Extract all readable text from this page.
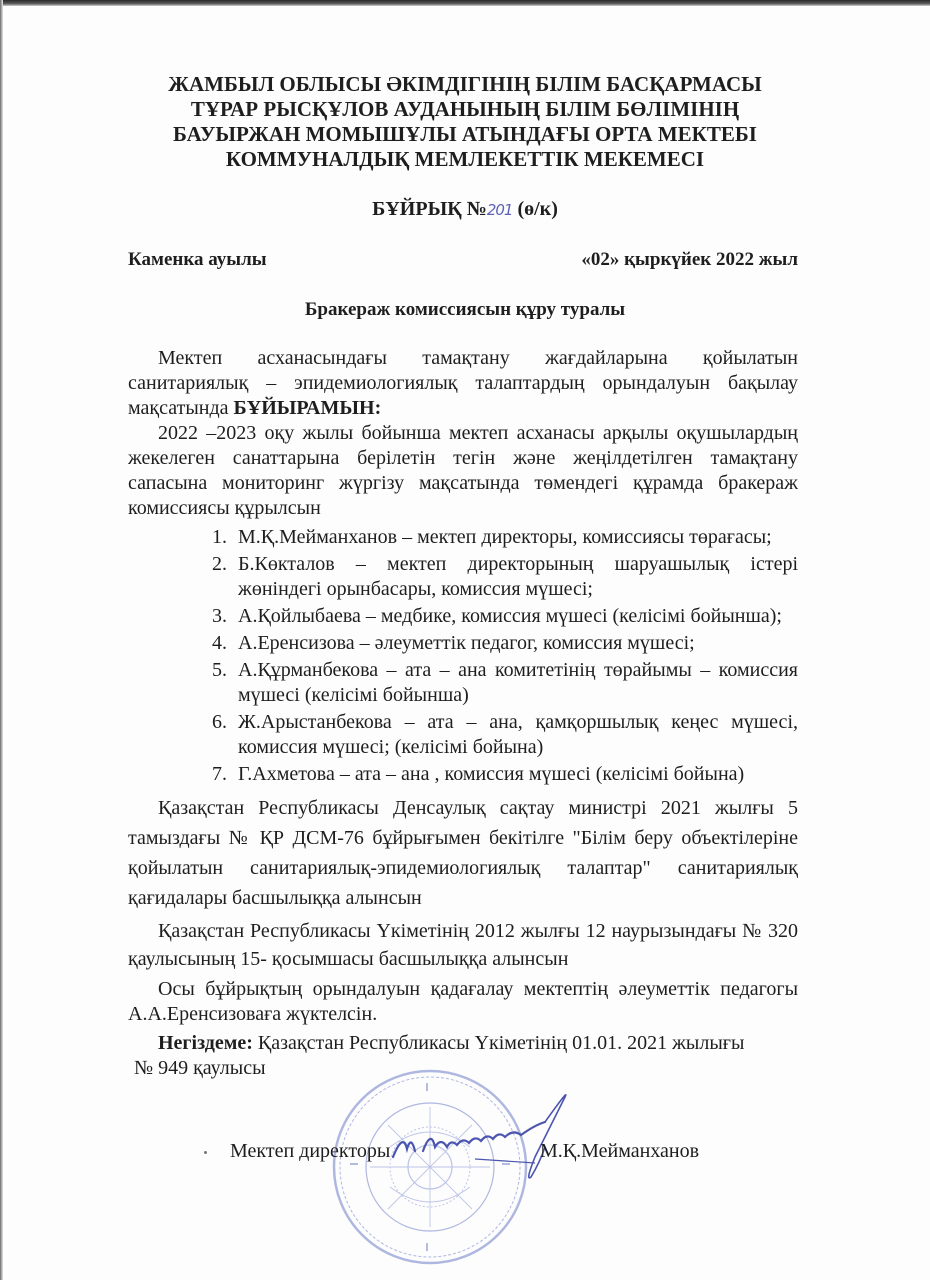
ЖАМБЫЛ ОБЛЫСЫ ӘКІМДІГІНІҢ БІЛІМ БАСҚАРМАСЫ
ТҰРАР РЫСҚҰЛОВ АУДАНЫНЫҢ БІЛІМ БӨЛІМІНІҢ
БАУЫРЖАН МОМЫШҰЛЫ АТЫНДАҒЫ ОРТА МЕКТЕБІ
КОММУНАЛДЫҚ МЕМЛЕКЕТТІК МЕКЕМЕСІ
БҰЙРЫҚ №201 (ө/к)
Каменка ауылы	«02» қыркүйек 2022 жыл
Бракераж комиссиясын құру туралы

Мектеп асханасындағы тамақтану жағдайларына қойылатын санитариялық – эпидемиологиялық талаптардың орындалуын бақылау мақсатында БҰЙЫРАМЫН:

2022 –2023 оқу жылы бойынша мектеп асханасы арқылы оқушылардың жекелеген санаттарына берілетін тегін және жеңілдетілген тамақтану сапасына мониторинг жүргізу мақсатында төмендегі құрамда бракераж комиссиясы құрылсын

1. М.Қ.Мейманханов – мектеп директоры, комиссиясы төрағасы;
2. Б.Көкталов – мектеп директорының шаруашылық істері жөніндегі орынбасары, комиссия мүшесі;
3. А.Қойлыбаева – медбике, комиссия мүшесі (келісімі бойынша);
4. А.Еренсизова – әлеуметтік педагог, комиссия мүшесі;
5. А.Құрманбекова – ата – ана комитетінің төрайымы – комиссия мүшесі (келісімі бойынша)
6. Ж.Арыстанбекова – ата – ана, қамқоршылық кеңес мүшесі, комиссия мүшесі; (келісімі бойына)
7. Г.Ахметова – ата – ана , комиссия мүшесі (келісімі бойына)

Қазақстан Республикасы Денсаулық сақтау министрі 2021 жылғы 5 тамыздағы № ҚР ДСМ-76 бұйрығымен бекітілге "Білім беру объектілеріне қойылатын санитариялық-эпидемиологиялық талаптар" санитариялық қағидалары басшылыққа алынсын

Қазақстан Республикасы Үкіметінің 2012 жылғы 12 наурызындағы № 320 қаулысының 15- қосымшасы басшылыққа алынсын

Осы бұйрықтың орындалуын қадағалау мектептің әлеуметтік педагогы А.А.Еренсизоваға жүктелсін.

Негіздеме: Қазақстан Республикасы Үкіметінің 01.01. 2021 жылығы
№ 949 қаулысы

Мектеп директоры	М.Қ.Мейманханов
